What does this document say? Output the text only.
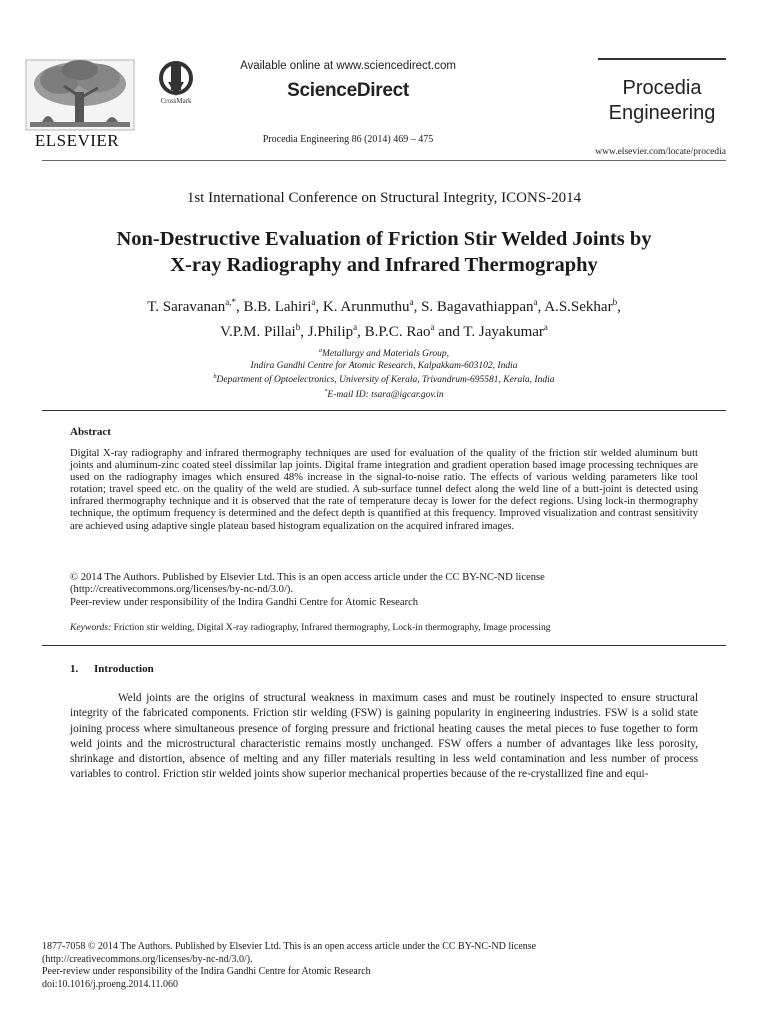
ELSEVIER
CrossMark
Available online at www.sciencedirect.com
ScienceDirect
Procedia Engineering 86 (2014) 469 – 475
Procedia
Engineering
www.elsevier.com/locate/procedia
1st International Conference on Structural Integrity, ICONS-2014
Non-Destructive Evaluation of Friction Stir Welded Joints by
X-ray Radiography and Infrared Thermography
T. Saravanan$^{a,*}$, B.B. Lahiri$^a$, K. Arunmuthu$^a$, S. Bagavathiappan$^a$, A.S.Sekhar$^b$,
V.P.M. Pillai$^b$, J.Philip$^a$, B.P.C. Rao$^a$ and T. Jayakumar$^a$
$^a$Metallurgy and Materials Group,
Indira Gandhi Centre for Atomic Research, Kalpakkam-603102, India
$^b$Department of Optoelectronics, University of Kerala, Trivandrum-695581, Kerala, India
*E-mail ID: tsara@igcar.gov.in
Abstract
Digital X-ray radiography and infrared thermography techniques are used for evaluation of the quality of the friction stir welded aluminum butt joints and aluminum-zinc coated steel dissimilar lap joints. Digital frame integration and gradient operation based image processing techniques are used on the radiography images which ensured 48% increase in the signal-to-noise ratio. The effects of various welding parameters like tool rotation; travel speed etc. on the quality of the weld are studied. A sub-surface tunnel defect along the weld line of a butt-joint is detected using infrared thermography technique and it is observed that the rate of temperature decay is lower for the defect regions. Using lock-in thermography technique, the optimum frequency is determined and the defect depth is quantified at this frequency. Improved visualization and contrast sensitivity are achieved using adaptive single plateau based histogram equalization on the acquired infrared images.
© 2014 The Authors. Published by Elsevier Ltd. This is an open access article under the CC BY-NC-ND license
(http://creativecommons.org/licenses/by-nc-nd/3.0/).
Peer-review under responsibility of the Indira Gandhi Centre for Atomic Research
Keywords: Friction stir welding, Digital X-ray radiography, Infrared thermography, Lock-in thermography, Image processing
1. Introduction
Weld joints are the origins of structural weakness in maximum cases and must be routinely inspected to ensure structural integrity of the fabricated components. Friction stir welding (FSW) is gaining popularity in engineering industries. FSW is a solid state joining process where simultaneous presence of forging pressure and frictional heating causes the metal pieces to fuse together to form weld joints and the microstructural characteristic remains mostly unchanged. FSW offers a number of advantages like less porosity, shrinkage and distortion, absence of melting and any filler materials resulting in less weld contamination and less number of process variables to control. Friction stir welded joints show superior mechanical properties because of the re-crystallized fine and equi-
1877-7058 © 2014 The Authors. Published by Elsevier Ltd. This is an open access article under the CC BY-NC-ND license
(http://creativecommons.org/licenses/by-nc-nd/3.0/).
Peer-review under responsibility of the Indira Gandhi Centre for Atomic Research
doi:10.1016/j.proeng.2014.11.060
